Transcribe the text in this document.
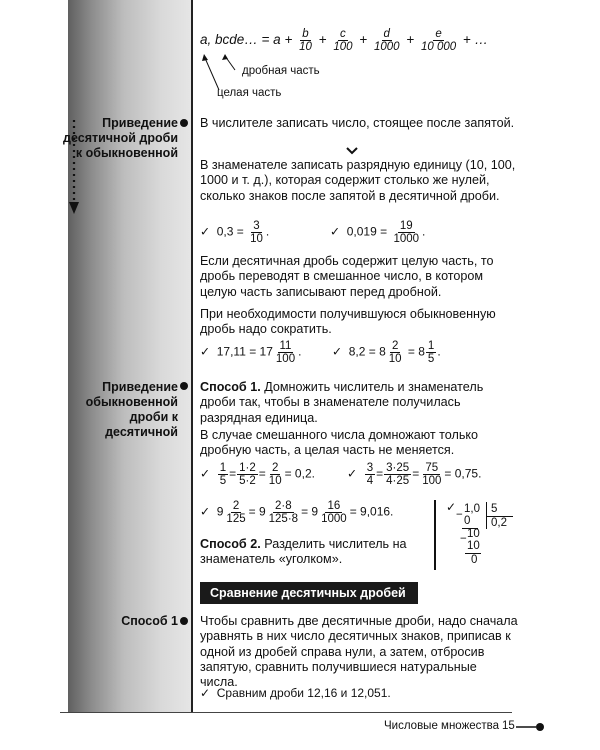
a, bcde… = $a + \frac{b}{10} + \frac{c}{100} + \frac{d}{1000} + \frac{e}{10 000}$ + …
дробная часть
целая часть
Приведение десятичной дроби к обыкновенной
В числителе записать число, стоящее после запятой.
В знаменателе записать разрядную единицу (10, 100, 1000 и т. д.), которая содержит столько же нулей, сколько знаков после запятой в десятичной дроби.
✓ $0,3 = \frac{3}{10}$ .	✓ $0,019 = \frac{19}{1000}$ .
Если десятичная дробь содержит целую часть, то дробь переводят в смешанное число, в котором целую часть записывают перед дробной.
При необходимости получившуюся обыкновенную дробь надо сократить.
✓ $17,11 = 17 \frac{11}{100}$ .	✓ $8,2 = 8 \frac{2}{10} = 8 \frac{1}{5}$ .
Приведение обыкновенной дроби к десятичной
Способ 1. Домножить числитель и знаменатель дроби так, чтобы в знаменателе получилась разрядная единица.
В случае смешанного числа домножают только дробную часть, а целая часть не меняется.
✓ $\frac{1}{5} = \frac{1\cdot 2}{5\cdot 2} = \frac{2}{10} = 0,2$.	✓ $\frac{3}{4} = \frac{3\cdot 25}{4\cdot 25} = \frac{75}{100} = 0,75$.
✓ $9 \frac{2}{125} = 9 \frac{2\cdot 8}{125\cdot 8} = 9 \frac{16}{1000} = 9,016$.
Способ 2. Разделить числитель на знаменатель «уголком».
✓
− 1,0 5
0 0,2
− 10
10
0
Сравнение десятичных дробей
Способ 1 Чтобы сравнить две десятичные дроби, надо сначала уравнять в них число десятичных знаков, приписав к одной из дробей справа нули, а затем, отбросив запятую, сравнить получившиеся натуральные числа.
✓ Сравним дроби 12,16 и 12,051.
Числовые множества 15
